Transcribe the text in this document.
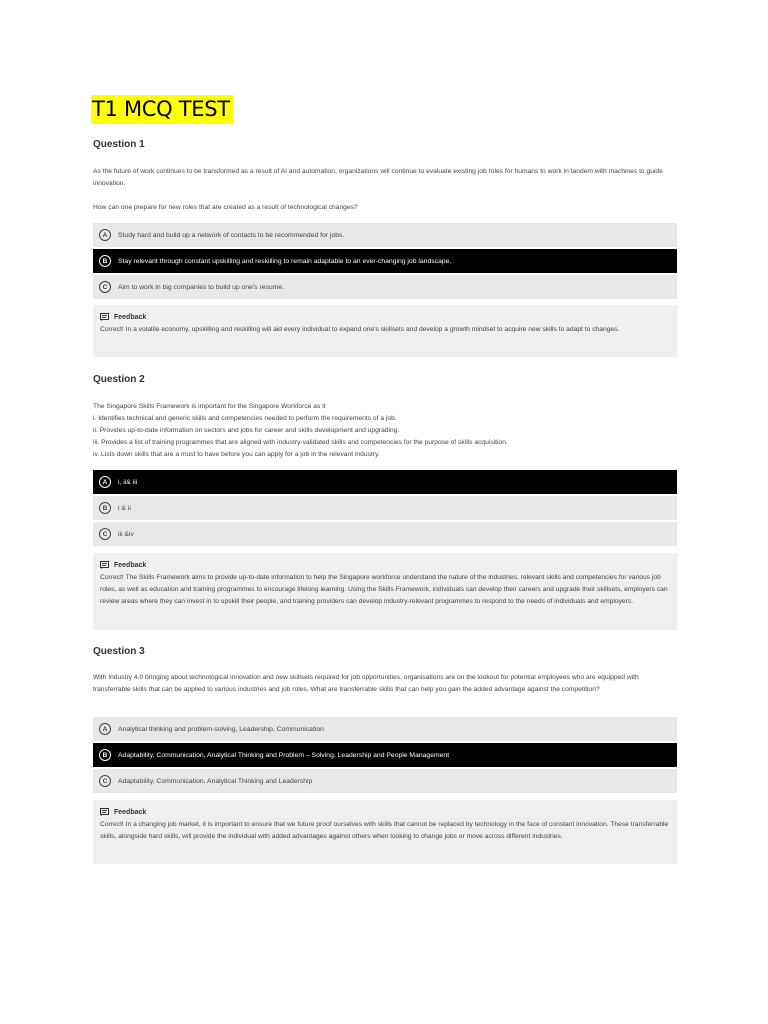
T1 MCQ TEST
Question 1

As the future of work continues to be transformed as a result of AI and automation, organizations will continue to evaluate existing job roles for humans to work in tandem with machines to guide innovation.

How can one prepare for new roles that are created as a result of technological changes?

A	Study hard and build up a network of contacts to be recommended for jobs.
B	Stay relevant through constant upskilling and reskilling to remain adaptable to an ever-changing job landscape.
C	Aim to work in big companies to build up one's resume.
Feedback
Correct! In a volatile economy, upskilling and reskilling will aid every individual to expand one's skillsets and develop a growth mindset to acquire new skills to adapt to changes.
Question 2

The Singapore Skills Framework is important for the Singapore Workforce as it

i. Identifies technical and generic skills and competencies needed to perform the requirements of a job.

ii. Provides up-to-date information on sectors and jobs for career and skills development and upgrading.

iii. Provides a list of training programmes that are aligned with industry-validated skills and competencies for the purpose of skills acquisition.

iv. Lists down skills that are a must to have before you can apply for a job in the relevant industry.

A	i, ii& iii
B	i & ii
C	iii &iv
Feedback
Correct! The Skills Framework aims to provide up-to-date information to help the Singapore workforce understand the nature of the industries, relevant skills and competencies for various job roles, as well as education and training programmes to encourage lifelong learning. Using the Skills Framework, individuals can develop their careers and upgrade their skillsets, employers can review areas where they can invest in to upskill their people, and training providers can develop industry-relevant programmes to respond to the needs of individuals and employers.
Question 3

With Industry 4.0 bringing about technological innovation and new skillsets required for job opportunities, organisations are on the lookout for potential employees who are equipped with transferrable skills that can be applied to various industries and job roles. What are transferrable skills that can help you gain the added advantage against the competition?

A	Analytical thinking and problem-solving, Leadership, Communication
B	Adaptability, Communication, Analytical Thinking and Problem – Solving, Leadership and People Management
C	Adaptability, Communication, Analytical Thinking and Leadership
Feedback
Correct! In a changing job market, it is important to ensure that we future proof ourselves with skills that cannot be replaced by technology in the face of constant innovation. These transferrable skills, alongside hard skills, will provide the individual with added advantages against others when looking to change jobs or move across different industries.
